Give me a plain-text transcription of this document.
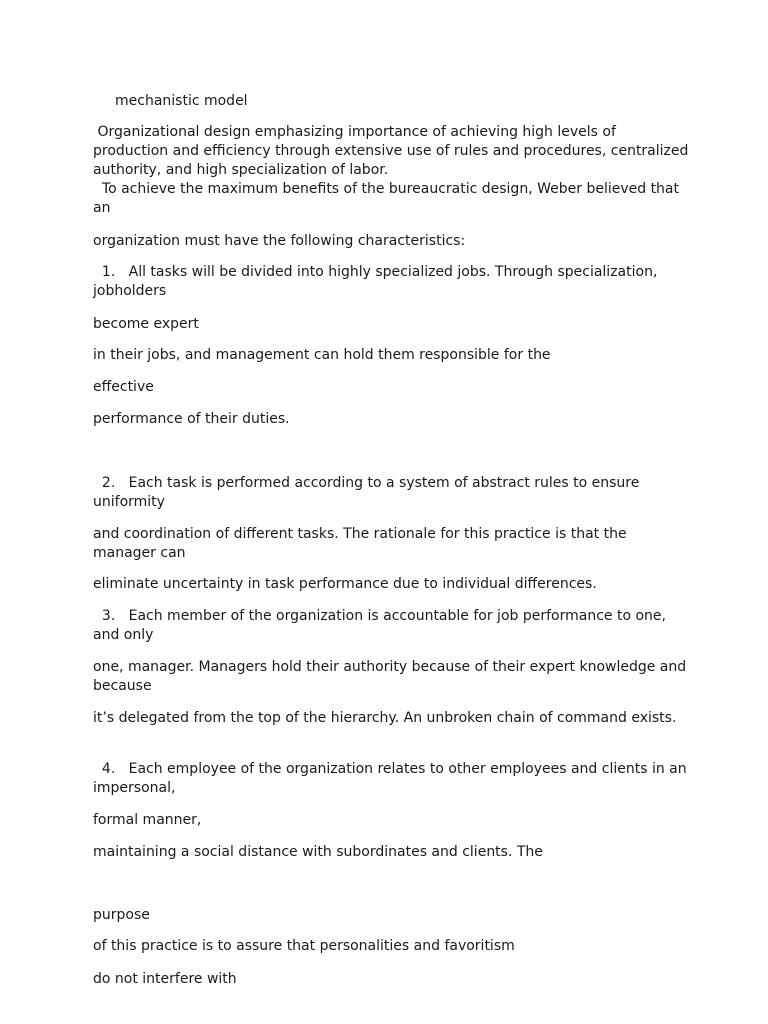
mechanistic model

Organizational design emphasizing importance of achieving high levels of production and efficiency through extensive use of rules and procedures, centralized authority, and high specialization of labor.

To achieve the maximum benefits of the bureaucratic design, Weber believed that an

organization must have the following characteristics:

1.   All tasks will be divided into highly specialized jobs. Through specialization, jobholders

become expert

in their jobs, and management can hold them responsible for the

effective

performance of their duties.

2.   Each task is performed according to a system of abstract rules to ensure uniformity

and coordination of different tasks. The rationale for this practice is that the manager can

eliminate uncertainty in task performance due to individual differences.

3.   Each member of the organization is accountable for job performance to one, and only

one, manager. Managers hold their authority because of their expert knowledge and because

it’s delegated from the top of the hierarchy. An unbroken chain of command exists.

4.   Each employee of the organization relates to other employees and clients in an impersonal,

formal manner,

maintaining a social distance with subordinates and clients. The

purpose

of this practice is to assure that personalities and favoritism

do not interfere with
